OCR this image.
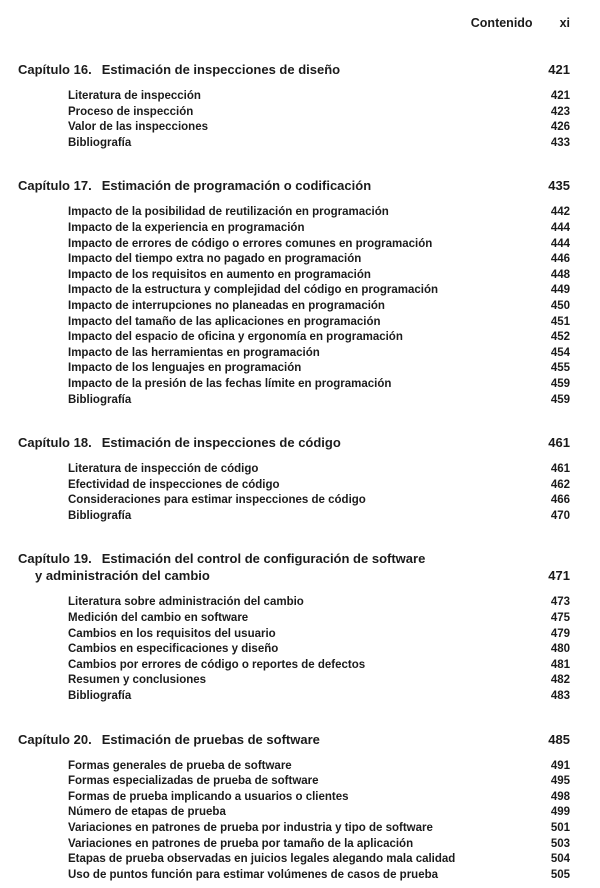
Contenido xi
Capítulo 16. Estimación de inspecciones de diseño	421
Literatura de inspección	421
Proceso de inspección	423
Valor de las inspecciones	426
Bibliografía	433
Capítulo 17. Estimación de programación o codificación	435
Impacto de la posibilidad de reutilización en programación	442
Impacto de la experiencia en programación	444
Impacto de errores de código o errores comunes en programación	444
Impacto del tiempo extra no pagado en programación	446
Impacto de los requisitos en aumento en programación	448
Impacto de la estructura y complejidad del código en programación	449
Impacto de interrupciones no planeadas en programación	450
Impacto del tamaño de las aplicaciones en programación	451
Impacto del espacio de oficina y ergonomía en programación	452
Impacto de las herramientas en programación	454
Impacto de los lenguajes en programación	455
Impacto de la presión de las fechas límite en programación	459
Bibliografía	459
Capítulo 18. Estimación de inspecciones de código	461
Literatura de inspección de código	461
Efectividad de inspecciones de código	462
Consideraciones para estimar inspecciones de código	466
Bibliografía	470
Capítulo 19. Estimación del control de configuración de software
y administración del cambio	471
Literatura sobre administración del cambio	473
Medición del cambio en software	475
Cambios en los requisitos del usuario	479
Cambios en especificaciones y diseño	480
Cambios por errores de código o reportes de defectos	481
Resumen y conclusiones	482
Bibliografía	483
Capítulo 20. Estimación de pruebas de software	485
Formas generales de prueba de software	491
Formas especializadas de prueba de software	495
Formas de prueba implicando a usuarios o clientes	498
Número de etapas de prueba	499
Variaciones en patrones de prueba por industria y tipo de software	501
Variaciones en patrones de prueba por tamaño de la aplicación	503
Etapas de prueba observadas en juicios legales alegando mala calidad	504
Uso de puntos función para estimar volúmenes de casos de prueba	505
